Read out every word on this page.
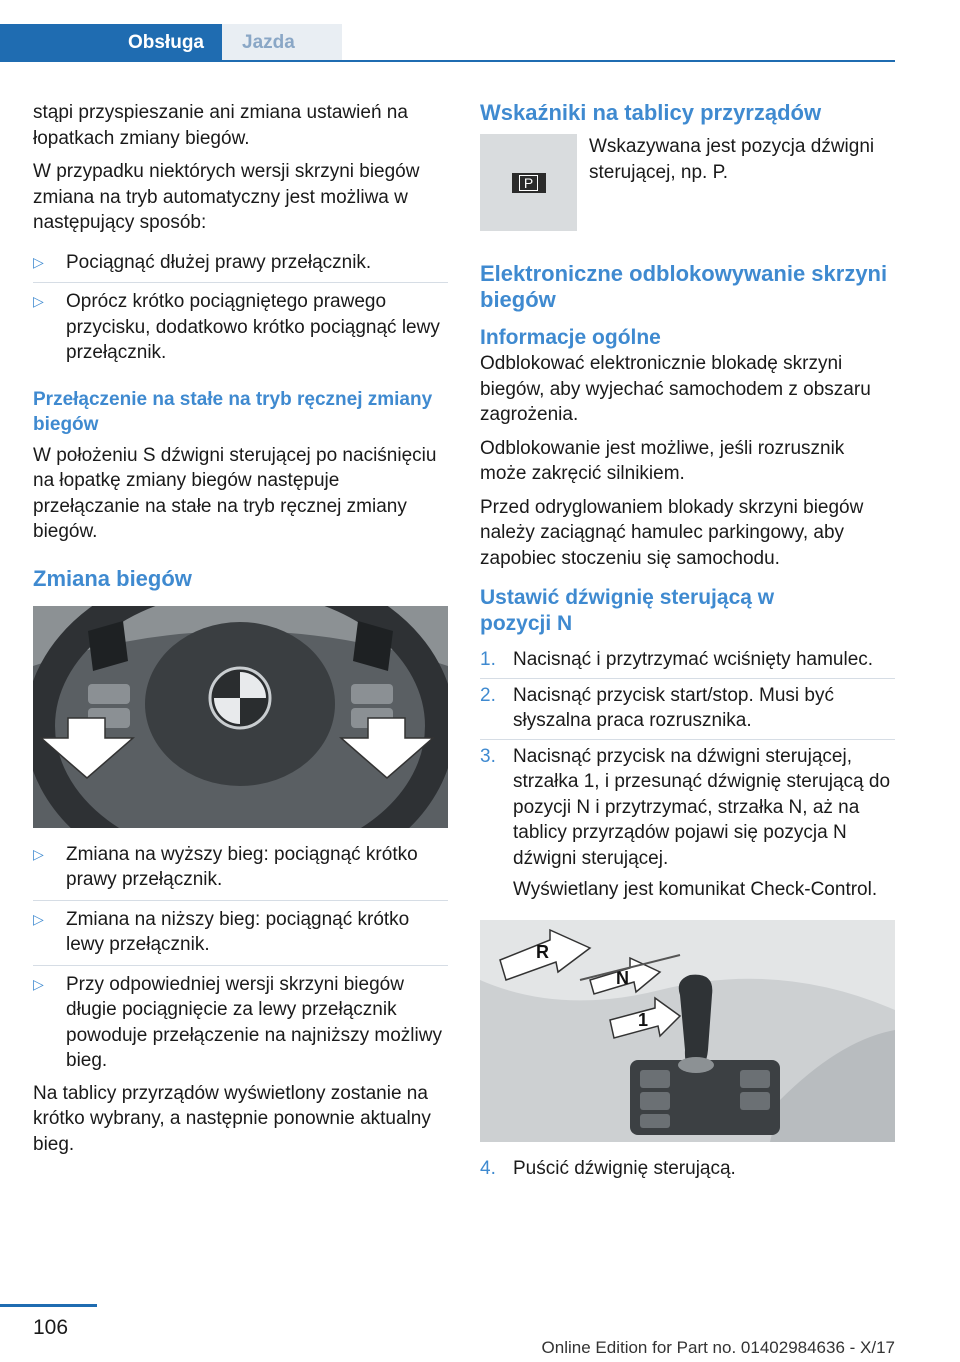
Obsługa	Jazda

stąpi przyspieszanie ani zmiana ustawień na łopatkach zmiany biegów.

W przypadku niektórych wersji skrzyni biegów zmiana na tryb automatyczny jest możliwa w następujący sposób:

▷ Pociągnąć dłużej prawy przełącznik.
▷ Oprócz krótko pociągniętego prawego przycisku, dodatkowo krótko pociągnąć lewy przełącznik.
Przełączenie na stałe na tryb ręcznej zmiany biegów

W położeniu S dźwigni sterującej po naciśnięciu na łopatkę zmiany biegów następuje przełączanie na stałe na tryb ręcznej zmiany biegów.

Zmiana biegów
▷ Zmiana na wyższy bieg: pociągnąć krótko prawy przełącznik.
▷ Zmiana na niższy bieg: pociągnąć krótko lewy przełącznik.
▷ Przy odpowiedniej wersji skrzyni biegów długie pociągnięcie za lewy przełącznik powoduje przełączenie na najniższy możliwy bieg.

Na tablicy przyrządów wyświetlony zostanie na krótko wybrany, a następnie ponownie aktualny bieg.

Wskaźniki na tablicy przyrządów
P
Wskazywana jest pozycja dźwigni sterującej, np. P.
Elektroniczne odblokowywanie skrzyni biegów
Informacje ogólne

Odblokować elektronicznie blokadę skrzyni biegów, aby wyjechać samochodem z obszaru zagrożenia.

Odblokowanie jest możliwe, jeśli rozrusznik może zakręcić silnikiem.

Przed odryglowaniem blokady skrzyni biegów należy zaciągnąć hamulec parkingowy, aby zapobiec stoczeniu się samochodu.

Ustawić dźwignię sterującą w pozycji N
1. Nacisnąć i przytrzymać wciśnięty hamulec.
2. Nacisnąć przycisk start/stop. Musi być słyszalna praca rozrusznika.
3. Nacisnąć przycisk na dźwigni sterującej, strzałka 1, i przesunąć dźwignię sterującą do pozycji N i przytrzymać, strzałka N, aż na tablicy przyrządów pojawi się pozycja N dźwigni sterującej.
Wyświetlany jest komunikat Check-Control.
R
N
1
4. Puścić dźwignię sterującą.
106
Online Edition for Part no. 01402984636 - X/17
